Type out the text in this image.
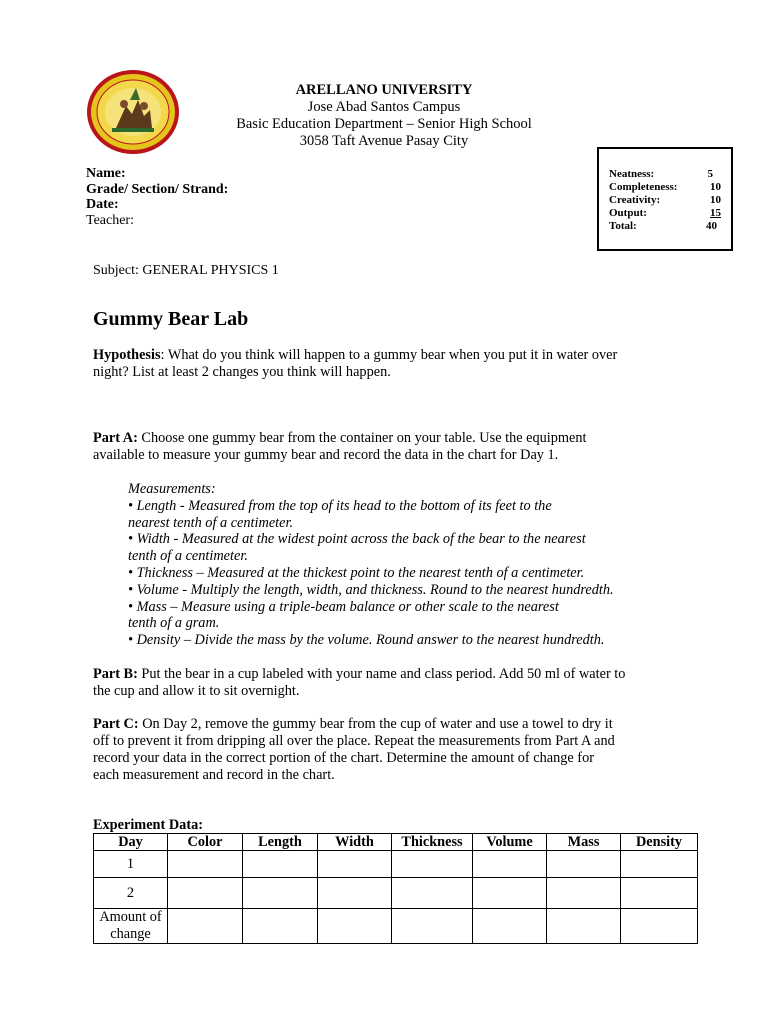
ARELLANO UNIVERSITY
Jose Abad Santos Campus
Basic Education Department – Senior High School
3058 Taft Avenue Pasay City
Name:
Grade/ Section/ Strand:
Date:
Teacher:
Neatness:	5
Completeness:	10
Creativity:	10
Output:	15
Total:	40
Subject: GENERAL PHYSICS 1
Gummy Bear Lab
Hypothesis: What do you think will happen to a gummy bear when you put it in water over
night? List at least 2 changes you think will happen.
Part A: Choose one gummy bear from the container on your table. Use the equipment
available to measure your gummy bear and record the data in the chart for Day 1.
Measurements:
• Length - Measured from the top of its head to the bottom of its feet to the
nearest tenth of a centimeter.
• Width - Measured at the widest point across the back of the bear to the nearest
tenth of a centimeter.
• Thickness – Measured at the thickest point to the nearest tenth of a centimeter.
• Volume - Multiply the length, width, and thickness. Round to the nearest hundredth.
• Mass – Measure using a triple-beam balance or other scale to the nearest
tenth of a gram.
• Density – Divide the mass by the volume. Round answer to the nearest hundredth.
Part B: Put the bear in a cup labeled with your name and class period. Add 50 ml of water to
the cup and allow it to sit overnight.
Part C: On Day 2, remove the gummy bear from the cup of water and use a towel to dry it
off to prevent it from dripping all over the place. Repeat the measurements from Part A and
record your data in the correct portion of the chart. Determine the amount of change for
each measurement and record in the chart.
Experiment Data:
Day	Color	Length	Width	Thickness	Volume	Mass	Density
1							
2							
Amount of change							
